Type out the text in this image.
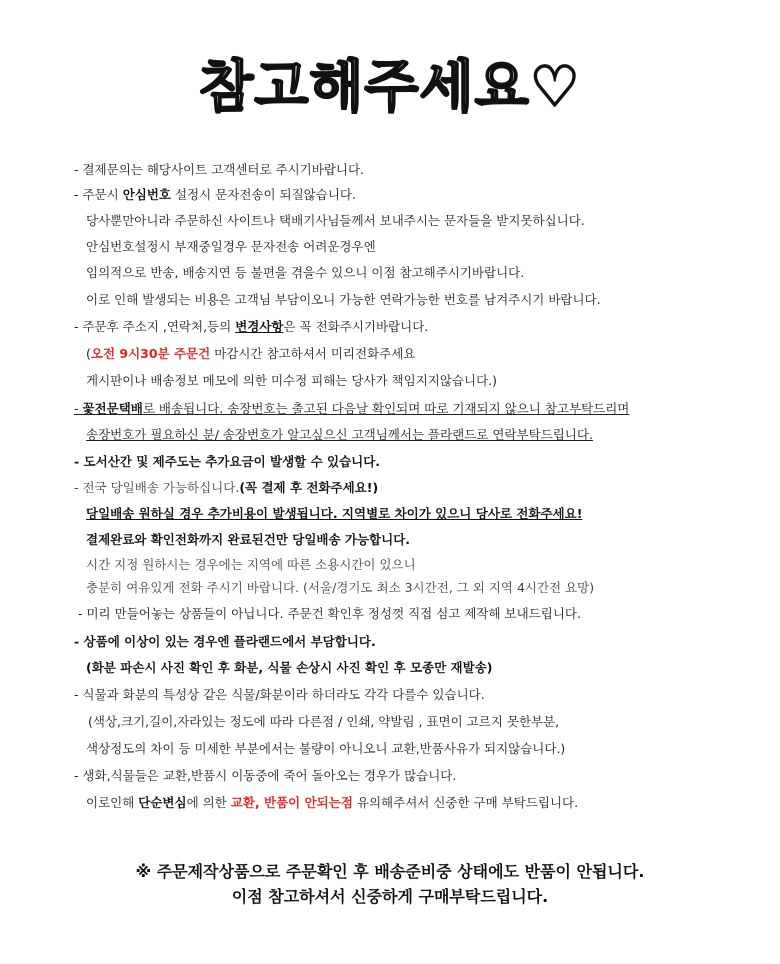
참고해주세요♡
- 결제문의는 해당사이트 고객센터로 주시기바랍니다.
- 주문시 안심번호 설정시 문자전송이 되질않습니다.
당사뿐만아니라 주문하신 사이트나 택배기사님들께서 보내주시는 문자들을 받지못하십니다.
안심번호설정시 부재중일경우 문자전송 어려운경우엔
임의적으로 반송, 배송지연 등 불편을 겪을수 있으니 이점 참고해주시기바랍니다.
이로 인해 발생되는 비용은 고객님 부담이오니 가능한 연락가능한 번호를 남겨주시기 바랍니다.
- 주문후 주소지 ,연락처,등의 변경사항은 꼭 전화주시기바랍니다.
(오전 9시30분 주문건 마감시간 참고하셔서 미리전화주세요
게시판이나 배송정보 메모에 의한 미수정 피해는 당사가 책임지지않습니다.)
- 꽃전문택배로 배송됩니다. 송장번호는 출고된 다음날 확인되며 따로 기재되지 않으니 참고부탁드리며
송장번호가 필요하신 분/ 송장번호가 알고싶으신 고객님께서는 플라랜드로 연락부탁드립니다.
- 도서산간 및 제주도는 추가요금이 발생할 수 있습니다.
- 전국 당일배송 가능하십니다.(꼭 결제 후 전화주세요!)
당일배송 원하실 경우 추가비용이 발생됩니다. 지역별로 차이가 있으니 당사로 전화주세요!
결제완료와 확인전화까지 완료된건만 당일배송 가능합니다.
시간 지정 원하시는 경우에는 지역에 따른 소용시간이 있으니
충분히 여유있게 전화 주시기 바랍니다. (서울/경기도 최소 3시간전, 그 외 지역 4시간전 요망)
- 미리 만들어놓는 상품들이 아닙니다. 주문건 확인후 정성껏 직접 심고 제작해 보내드립니다.
- 상품에 이상이 있는 경우엔 플라랜드에서 부담합니다.
(화분 파손시 사진 확인 후 화분, 식물 손상시 사진 확인 후 모종만 재발송)
- 식물과 화분의 특성상 같은 식물/화분이라 하더라도 각각 다를수 있습니다.
(색상,크기,길이,자라있는 정도에 따라 다른점 / 인쇄, 약발림 , 표면이 고르지 못한부분,
색상정도의 차이 등 미세한 부분에서는 불량이 아니오니 교환,반품사유가 되지않습니다.)
- 생화,식물들은 교환,반품시 이동중에 죽어 돌아오는 경우가 많습니다.
이로인해 단순변심에 의한 교환, 반품이 안되는점 유의해주셔서 신중한 구매 부탁드립니다.
※ 주문제작상품으로 주문확인 후 배송준비중 상태에도 반품이 안됩니다.
이점 참고하셔서 신중하게 구매부탁드립니다.
